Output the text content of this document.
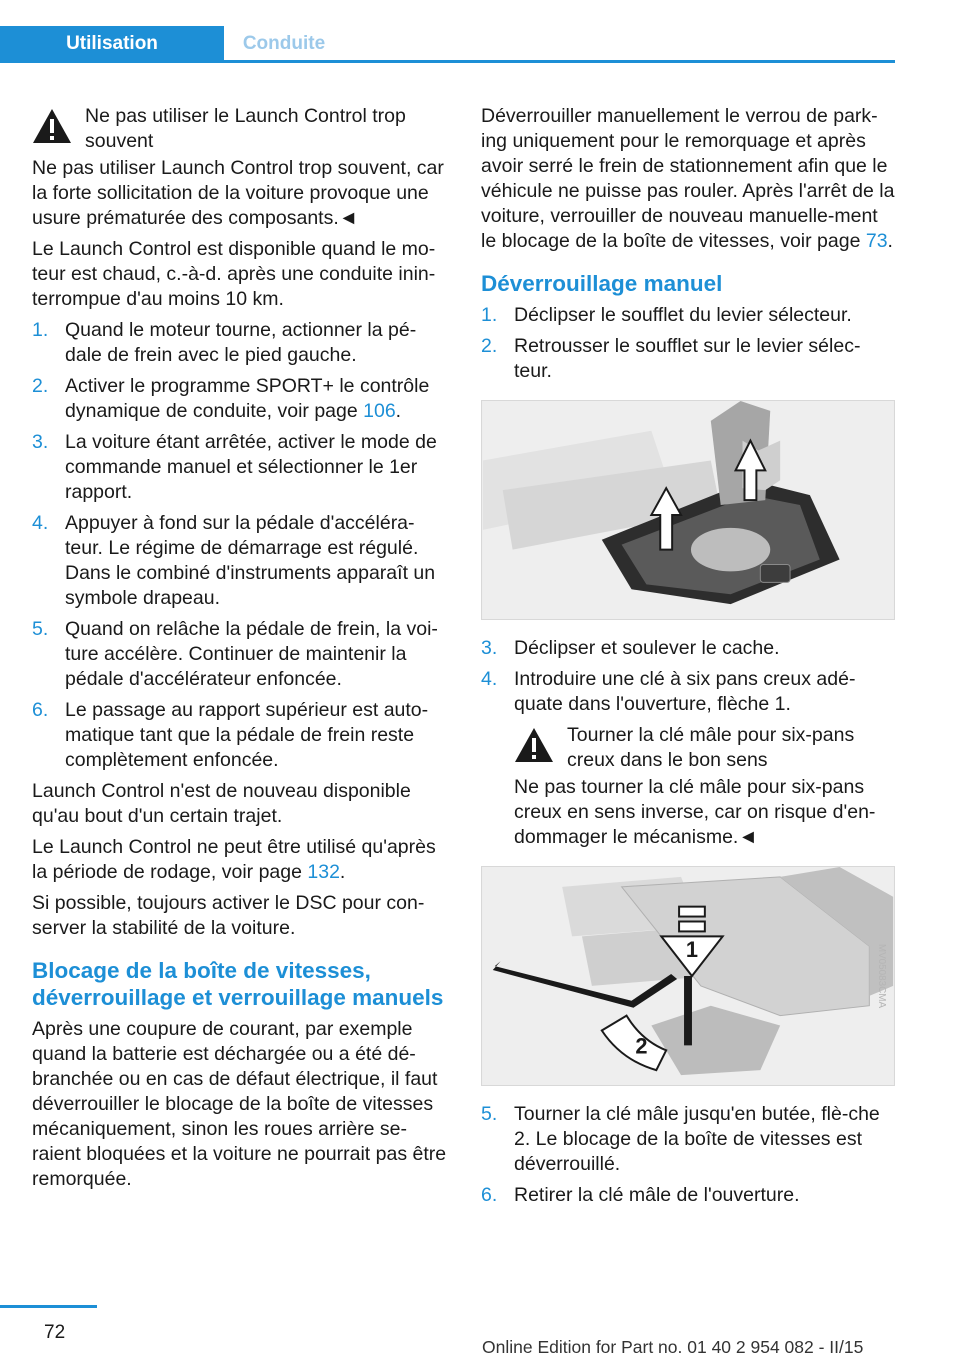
Utilisation	Conduite
Ne pas utiliser le Launch Control trop souvent

Ne pas utiliser Launch Control trop souvent, car la forte sollicitation de la voiture provoque une usure prématurée des composants.◄

Le Launch Control est disponible quand le mo‐teur est chaud, c.-à-d. après une conduite inin‐terrompue d'au moins 10 km.

1. Quand le moteur tourne, actionner la pé‐dale de frein avec le pied gauche.
2. Activer le programme SPORT+ le contrôle dynamique de conduite, voir page 106.
3. La voiture étant arrêtée, activer le mode de commande manuel et sélectionner le 1er rapport.
4. Appuyer à fond sur la pédale d'accéléra‐teur. Le régime de démarrage est régulé. Dans le combiné d'instruments apparaît un symbole drapeau.
5. Quand on relâche la pédale de frein, la voi‐ture accélère. Continuer de maintenir la pédale d'accélérateur enfoncée.
6. Le passage au rapport supérieur est auto‐matique tant que la pédale de frein reste complètement enfoncée.

Launch Control n'est de nouveau disponible qu'au bout d'un certain trajet.

Le Launch Control ne peut être utilisé qu'après la période de rodage, voir page 132.

Si possible, toujours activer le DSC pour con‐server la stabilité de la voiture.

Blocage de la boîte de vitesses, déverrouillage et verrouillage manuels

Après une coupure de courant, par exemple quand la batterie est déchargée ou a été dé‐branchée ou en cas de défaut électrique, il faut déverrouiller le blocage de la boîte de vitesses mécaniquement, sinon les roues arrière se‐raient bloquées et la voiture ne pourrait pas être remorquée.

Déverrouiller manuellement le verrou de park‐ing uniquement pour le remorquage et après avoir serré le frein de stationnement afin que le véhicule ne puisse pas rouler. Après l'arrêt de la voiture, verrouiller de nouveau manuelle‐ment le blocage de la boîte de vitesses, voir page 73.

Déverrouillage manuel
1. Déclipser le soufflet du levier sélecteur.
2. Retrousser le soufflet sur le levier sélec‐teur.
3. Déclipser et soulever le cache.
4. Introduire une clé à six pans creux adé‐quate dans l'ouverture, flèche 1.
Tourner la clé mâle pour six-pans creux dans le bon sens

Ne pas tourner la clé mâle pour six-pans creux en sens inverse, car on risque d'en‐dommager le mécanisme.◄

1
2
MV05083CMA
5. Tourner la clé mâle jusqu'en butée, flè‐che 2. Le blocage de la boîte de vitesses est déverrouillé.
6. Retirer la clé mâle de l'ouverture.
72
Online Edition for Part no. 01 40 2 954 082 - II/15
